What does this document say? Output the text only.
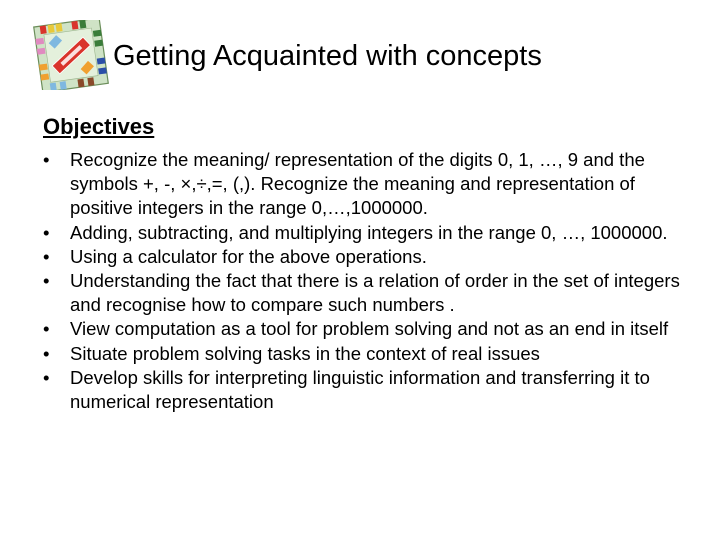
Getting Acquainted with concepts
Objectives
•	Recognize the meaning/ representation of the digits 0, 1, …, 9 and the symbols +, -, ×,÷,=, (,). Recognize the meaning and representation of positive integers in the range 0,…,1000000.
•	Adding, subtracting, and multiplying integers in the range 0, …, 1000000.
•	Using a calculator for the above operations.
•	Understanding the fact that there is a relation of order in the set of integers and recognise how to compare such numbers .
•	View computation as a tool for problem solving and not as an end in itself
•	Situate problem solving tasks in the context of real issues
•	Develop skills for interpreting linguistic information and transferring it to numerical representation
